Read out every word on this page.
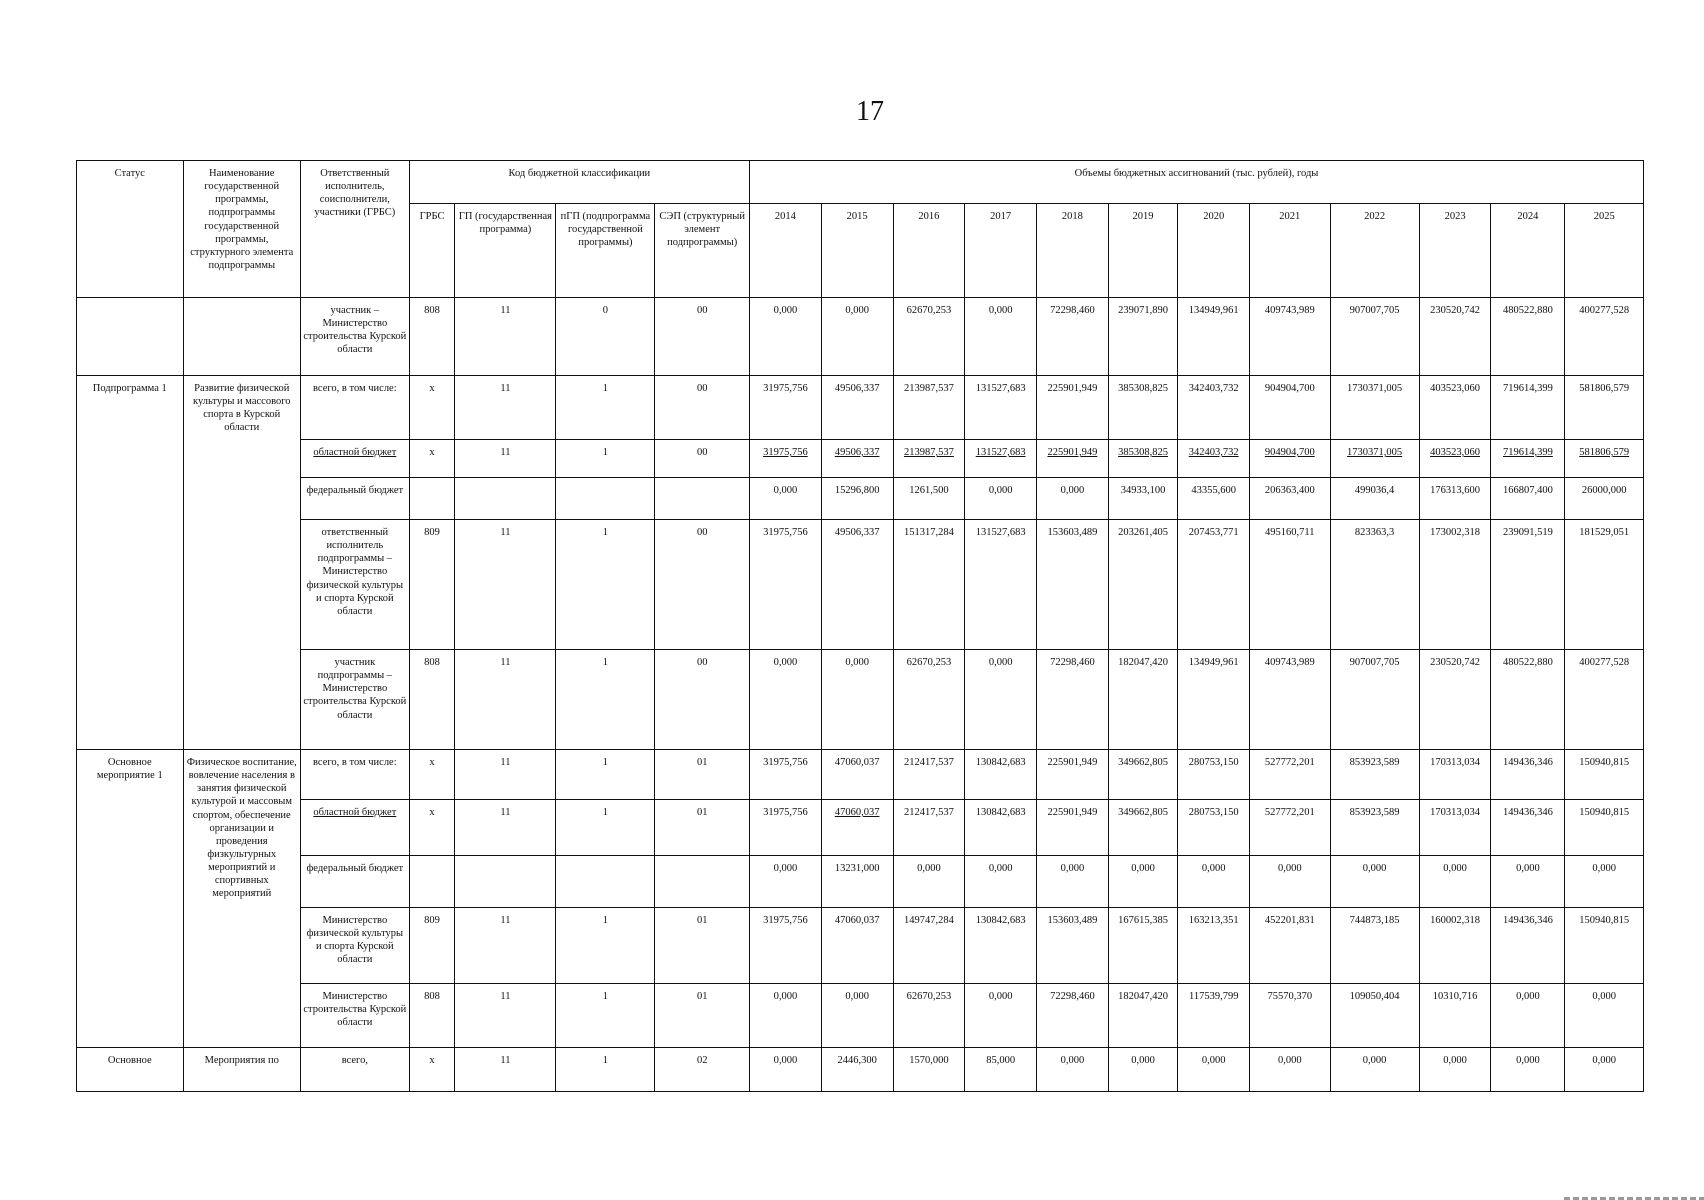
17
Статус	Наименование государственной программы, подпрограммы государственной программы, структурного элемента подпрограммы	Ответственный исполнитель, соисполнители, участники (ГРБС)	Код бюджетной классификации				Объемы бюджетных ассигнований (тыс. рублей), годы											
			ГРБС	ГП (государственная программа)	пГП (подпрограмма государственной программы)	СЭП (структурный элемент подпрограммы)	2014	2015	2016	2017	2018	2019	2020	2021	2022	2023	2024	2025
		участник – Министерство строительства Курской области	808	11	0	00	0,000	0,000	62670,253	0,000	72298,460	239071,890	134949,961	409743,989	907007,705	230520,742	480522,880	400277,528
Подпрограмма 1	Развитие физической культуры и массового спорта в Курской области	всего, в том числе:	х	11	1	00	31975,756	49506,337	213987,537	131527,683	225901,949	385308,825	342403,732	904904,700	1730371,005	403523,060	719614,399	581806,579
		областной бюджет	х	11	1	00	31975,756	49506,337	213987,537	131527,683	225901,949	385308,825	342403,732	904904,700	1730371,005	403523,060	719614,399	581806,579
		федеральный бюджет					0,000	15296,800	1261,500	0,000	0,000	34933,100	43355,600	206363,400	499036,4	176313,600	166807,400	26000,000
		ответственный исполнитель подпрограммы – Министерство физической культуры и спорта Курской области	809	11	1	00	31975,756	49506,337	151317,284	131527,683	153603,489	203261,405	207453,771	495160,711	823363,3	173002,318	239091,519	181529,051
		участник подпрограммы – Министерство строительства Курской области	808	11	1	00	0,000	0,000	62670,253	0,000	72298,460	182047,420	134949,961	409743,989	907007,705	230520,742	480522,880	400277,528
Основное мероприятие 1	Физическое воспитание, вовлечение населения в занятия физической культурой и массовым спортом, обеспечение организации и проведения физкультурных мероприятий и спортивных мероприятий	всего, в том числе:	х	11	1	01	31975,756	47060,037	212417,537	130842,683	225901,949	349662,805	280753,150	527772,201	853923,589	170313,034	149436,346	150940,815
		областной бюджет	х	11	1	01	31975,756	47060,037	212417,537	130842,683	225901,949	349662,805	280753,150	527772,201	853923,589	170313,034	149436,346	150940,815
		федеральный бюджет					0,000	13231,000	0,000	0,000	0,000	0,000	0,000	0,000	0,000	0,000	0,000	0,000
		Министерство физической культуры и спорта Курской области	809	11	1	01	31975,756	47060,037	149747,284	130842,683	153603,489	167615,385	163213,351	452201,831	744873,185	160002,318	149436,346	150940,815
		Министерство строительства Курской области	808	11	1	01	0,000	0,000	62670,253	0,000	72298,460	182047,420	117539,799	75570,370	109050,404	10310,716	0,000	0,000
Основное	Мероприятия по	всего,	х	11	1	02	0,000	2446,300	1570,000	85,000	0,000	0,000	0,000	0,000	0,000	0,000	0,000	0,000
